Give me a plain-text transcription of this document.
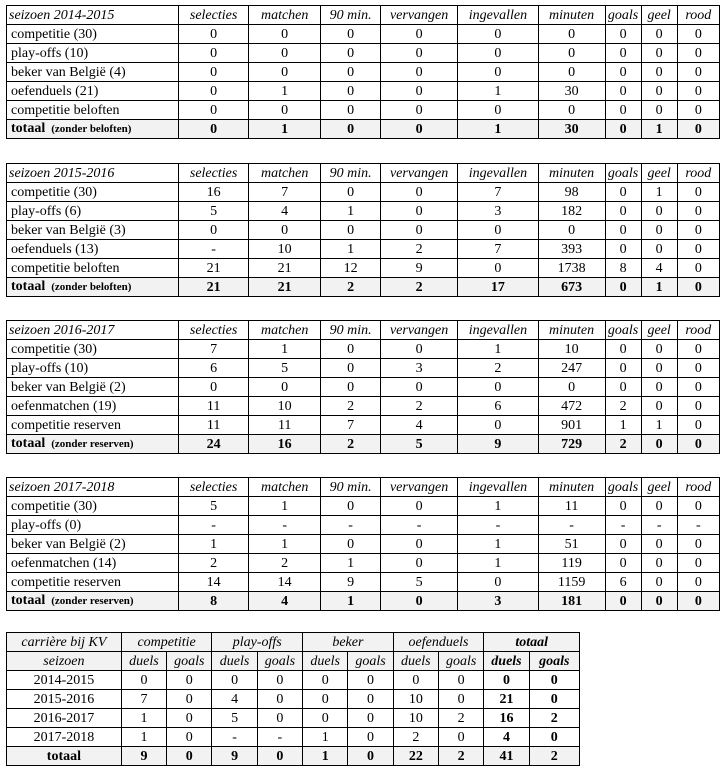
seizoen 2014-2015	selecties	matchen	90 min.	vervangen	ingevallen	minuten	goals	geel	rood
competitie (30)	0	0	0	0	0	0	0	0	0
play-offs (10)	0	0	0	0	0	0	0	0	0
beker van België (4)	0	0	0	0	0	0	0	0	0
oefenduels (21)	0	1	0	0	1	30	0	0	0
competitie beloften	0	0	0	0	0	0	0	0	0
totaal (zonder beloften)	0	1	0	0	1	30	0	1	0
seizoen 2015-2016	selecties	matchen	90 min.	vervangen	ingevallen	minuten	goals	geel	rood
competitie (30)	16	7	0	0	7	98	0	1	0
play-offs (6)	5	4	1	0	3	182	0	0	0
beker van België (3)	0	0	0	0	0	0	0	0	0
oefenduels (13)	-	10	1	2	7	393	0	0	0
competitie beloften	21	21	12	9	0	1738	8	4	0
totaal (zonder beloften)	21	21	2	2	17	673	0	1	0
seizoen 2016-2017	selecties	matchen	90 min.	vervangen	ingevallen	minuten	goals	geel	rood
competitie (30)	7	1	0	0	1	10	0	0	0
play-offs (10)	6	5	0	3	2	247	0	0	0
beker van België (2)	0	0	0	0	0	0	0	0	0
oefenmatchen (19)	11	10	2	2	6	472	2	0	0
competitie reserven	11	11	7	4	0	901	1	1	0
totaal (zonder reserven)	24	16	2	5	9	729	2	0	0
seizoen 2017-2018	selecties	matchen	90 min.	vervangen	ingevallen	minuten	goals	geel	rood
competitie (30)	5	1	0	0	1	11	0	0	0
play-offs (0)	-	-	-	-	-	-	-	-	-
beker van België (2)	1	1	0	0	1	51	0	0	0
oefenmatchen (14)	2	2	1	0	1	119	0	0	0
competitie reserven	14	14	9	5	0	1159	6	0	0
totaal (zonder reserven)	8	4	1	0	3	181	0	0	0
carrière bij KV	competitie		play-offs		beker		oefenduels		totaal	
seizoen	duels	goals	duels	goals	duels	goals	duels	goals	duels	goals
2014-2015	0	0	0	0	0	0	0	0	0	0
2015-2016	7	0	4	0	0	0	10	0	21	0
2016-2017	1	0	5	0	0	0	10	2	16	2
2017-2018	1	0	-	-	1	0	2	0	4	0
totaal	9	0	9	0	1	0	22	2	41	2
